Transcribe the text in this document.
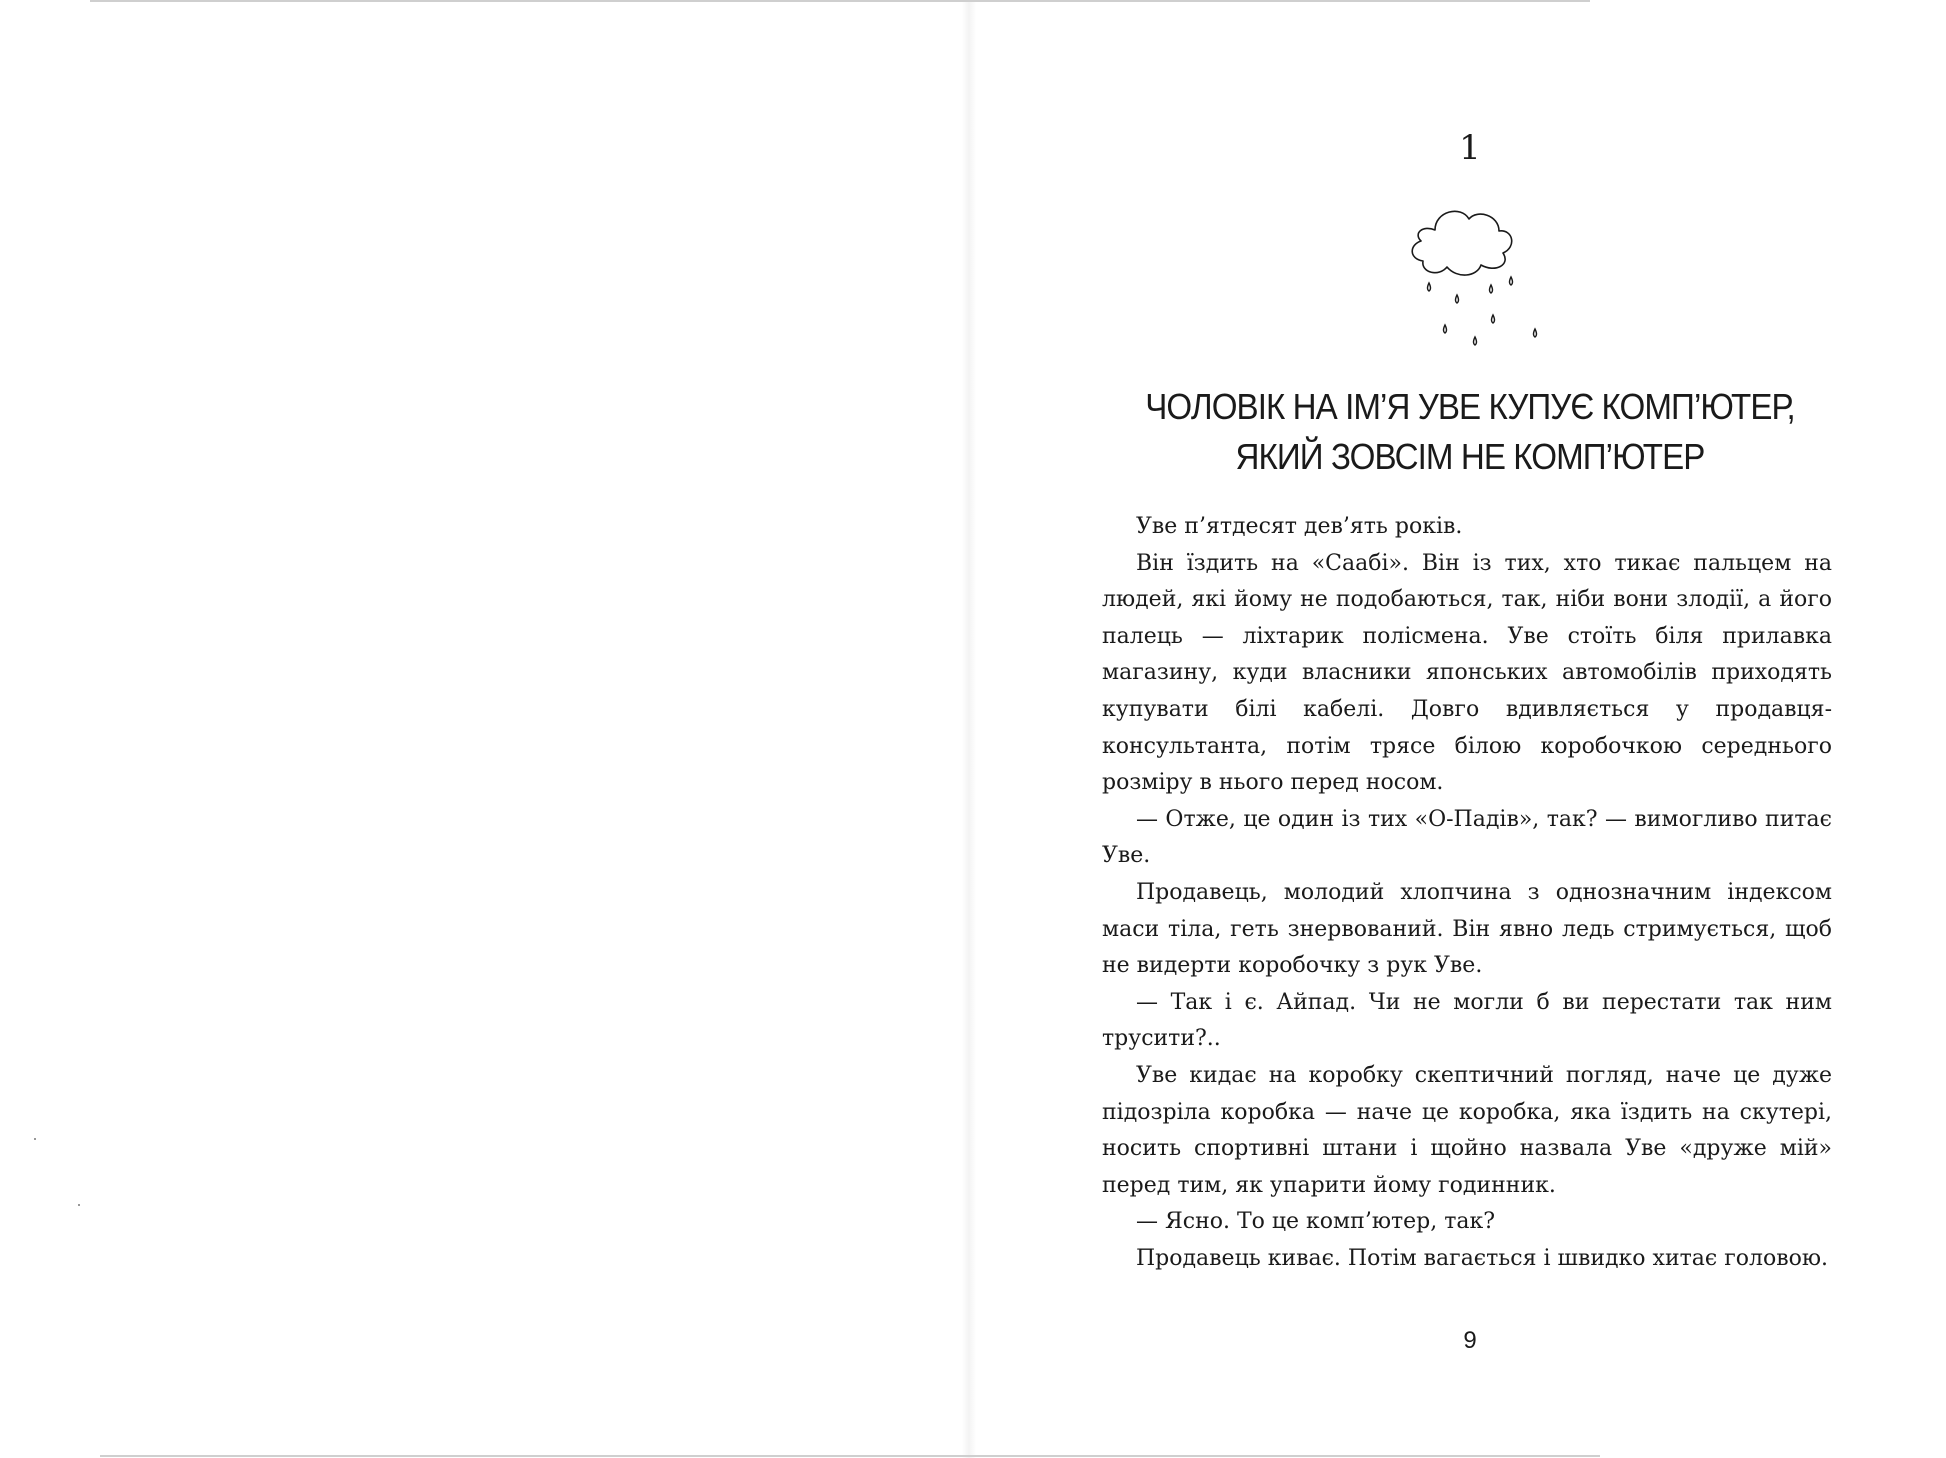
1
ЧОЛОВІК НА ІМ’Я УВЕ КУПУЄ КОМП’ЮТЕР,
ЯКИЙ ЗОВСІМ НЕ КОМП’ЮТЕР

Уве п’ятдесят дев’ять років.

Він їздить на «Саабі». Він із тих, хто тикає пальцем на людей, які йому не подобаються, так, ніби вони злодії, а його палець — ліхтарик полісмена. Уве стоїть біля прилавка магазину, куди власники японських автомобілів приходять купувати білі кабелі. Довго вдивляється у продавця-консультанта, потім трясе білою коробочкою середнього розміру в нього перед носом.

— Отже, це один із тих «О-Падів», так? — вимогливо питає Уве.

Продавець, молодий хлопчина з однозначним індексом маси тіла, геть знервований. Він явно ледь стримується, щоб не видерти коробочку з рук Уве.

— Так і є. Айпад. Чи не могли б ви перестати так ним трусити?..

Уве кидає на коробку скептичний погляд, наче це дуже підозріла коробка — наче це коробка, яка їздить на скутері, носить спортивні штани і щойно назвала Уве «друже мій» перед тим, як упарити йому годинник.

— Ясно. То це комп’ютер, так?

Продавець киває. Потім вагається і швидко хитає головою.

9
